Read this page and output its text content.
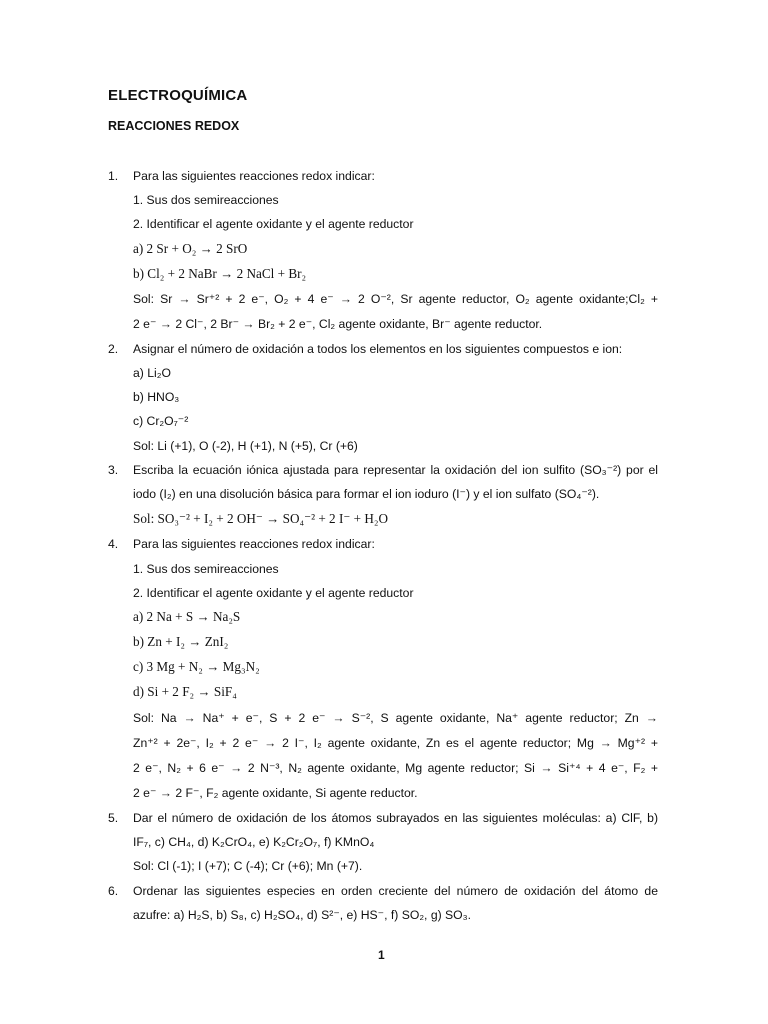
ELECTROQUÍMICA
REACCIONES REDOX
1. Para las siguientes reacciones redox indicar:
1. Sus dos semireacciones
2. Identificar el agente oxidante y el agente reductor
a) 2 Sr + O₂ → 2 SrO
b) Cl₂ + 2 NaBr → 2 NaCl + Br₂
Sol: Sr → Sr⁺² + 2 e⁻, O₂ + 4 e⁻ → 2 O⁻², Sr agente reductor, O₂ agente oxidante;Cl₂ +
2 e⁻ → 2 Cl⁻, 2 Br⁻ → Br₂ + 2 e⁻, Cl₂ agente oxidante, Br⁻ agente reductor.
2. Asignar el número de oxidación a todos los elementos en los siguientes compuestos e ion:
a) Li₂O
b) HNO₃
c) Cr₂O₇⁻²
Sol: Li (+1), O (-2), H (+1), N (+5), Cr (+6)
3. Escriba la ecuación iónica ajustada para representar la oxidación del ion sulfito (SO₃⁻²) por el
iodo (I₂) en una disolución básica para formar el ion ioduro (I⁻) y el ion sulfato (SO₄⁻²).
Sol: SO₃⁻² + I₂ + 2 OH⁻ → SO₄⁻² + 2 I⁻ + H₂O
4. Para las siguientes reacciones redox indicar:
1. Sus dos semireacciones
2. Identificar el agente oxidante y el agente reductor
a) 2 Na + S → Na₂S
b) Zn + I₂ → ZnI₂
c) 3 Mg + N₂ → Mg₃N₂
d) Si + 2 F₂ → SiF₄
Sol: Na → Na⁺ + e⁻, S + 2 e⁻ → S⁻², S agente oxidante, Na⁺ agente reductor; Zn →
Zn⁺² + 2e⁻, I₂ + 2 e⁻ → 2 I⁻, I₂ agente oxidante, Zn es el agente reductor; Mg → Mg⁺² +
2 e⁻, N₂ + 6 e⁻ → 2 N⁻³, N₂ agente oxidante, Mg agente reductor; Si → Si⁺⁴ + 4 e⁻, F₂ +
2 e⁻ → 2 F⁻, F₂ agente oxidante, Si agente reductor.
5. Dar el número de oxidación de los átomos subrayados en las siguientes moléculas: a) ClF, b)
IF₇, c) CH₄, d) K₂CrO₄, e) K₂Cr₂O₇, f) KMnO₄
Sol: Cl (-1); I (+7); C (-4); Cr (+6); Mn (+7).
6. Ordenar las siguientes especies en orden creciente del número de oxidación del átomo de
azufre: a) H₂S, b) S₈, c) H₂SO₄, d) S²⁻, e) HS⁻, f) SO₂, g) SO₃.
1
